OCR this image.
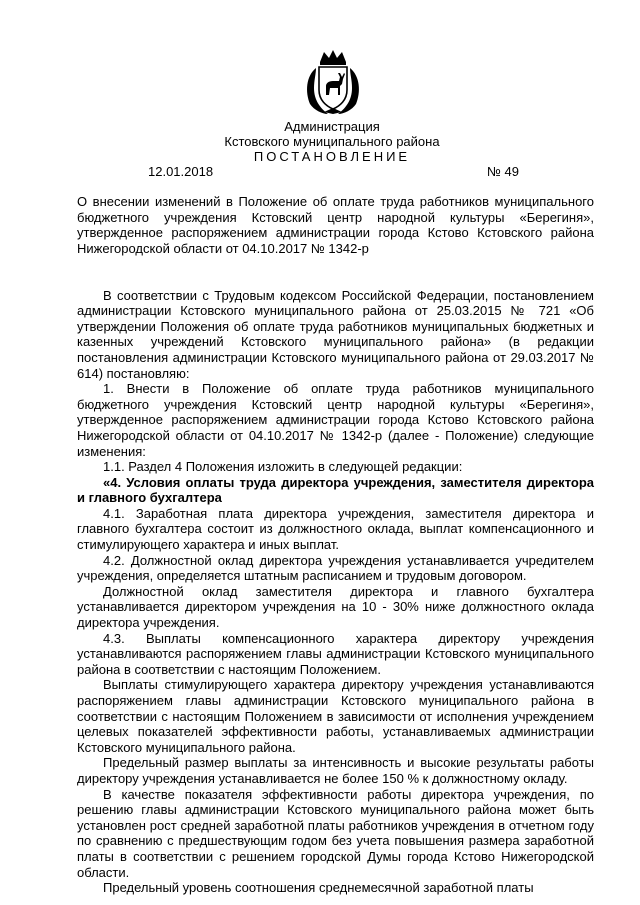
Администрация
Кстовского муниципального района
ПОСТАНОВЛЕНИЕ
12.01.2018	№ 49

О внесении изменений в Положение об оплате труда работников муниципального бюджетного учреждения Кстовский центр народной культуры «Берегиня», утвержденное распоряжением администрации города Кстово Кстовского района Нижегородской области от 04.10.2017 № 1342-р

В соответствии с Трудовым кодексом Российской Федерации, постановлением администрации Кстовского муниципального района от 25.03.2015 № 721 «Об утверждении Положения об оплате труда работников муниципальных бюджетных и казенных учреждений Кстовского муниципального района» (в редакции постановления администрации Кстовского муниципального района от 29.03.2017 № 614) постановляю:

1. Внести в Положение об оплате труда работников муниципального бюджетного учреждения Кстовский центр народной культуры «Берегиня», утвержденное распоряжением администрации города Кстово Кстовского района Нижегородской области от 04.10.2017 № 1342-р (далее - Положение) следующие изменения:

1.1. Раздел 4 Положения изложить в следующей редакции:

«4. Условия оплаты труда директора учреждения, заместителя директора и главного бухгалтера

4.1. Заработная плата директора учреждения, заместителя директора и главного бухгалтера состоит из должностного оклада, выплат компенсационного и стимулирующего характера и иных выплат.

4.2. Должностной оклад директора учреждения устанавливается учредителем учреждения, определяется штатным расписанием и трудовым договором.

Должностной оклад заместителя директора и главного бухгалтера устанавливается директором учреждения на 10 - 30% ниже должностного оклада директора учреждения.

4.3. Выплаты компенсационного характера директору учреждения устанавливаются распоряжением главы администрации Кстовского муниципального района в соответствии с настоящим Положением.

Выплаты стимулирующего характера директору учреждения устанавливаются распоряжением главы администрации Кстовского муниципального района в соответствии с настоящим Положением в зависимости от исполнения учреждением целевых показателей эффективности работы, устанавливаемых администрации Кстовского муниципального района.

Предельный размер выплаты за интенсивность и высокие результаты работы директору учреждения устанавливается не более 150 % к должностному окладу.

В качестве показателя эффективности работы директора учреждения, по решению главы администрации Кстовского муниципального района может быть установлен рост средней заработной платы работников учреждения в отчетном году по сравнению с предшествующим годом без учета повышения размера заработной платы в соответствии с решением городской Думы города Кстово Нижегородской области.

Предельный уровень соотношения среднемесячной заработной платы
